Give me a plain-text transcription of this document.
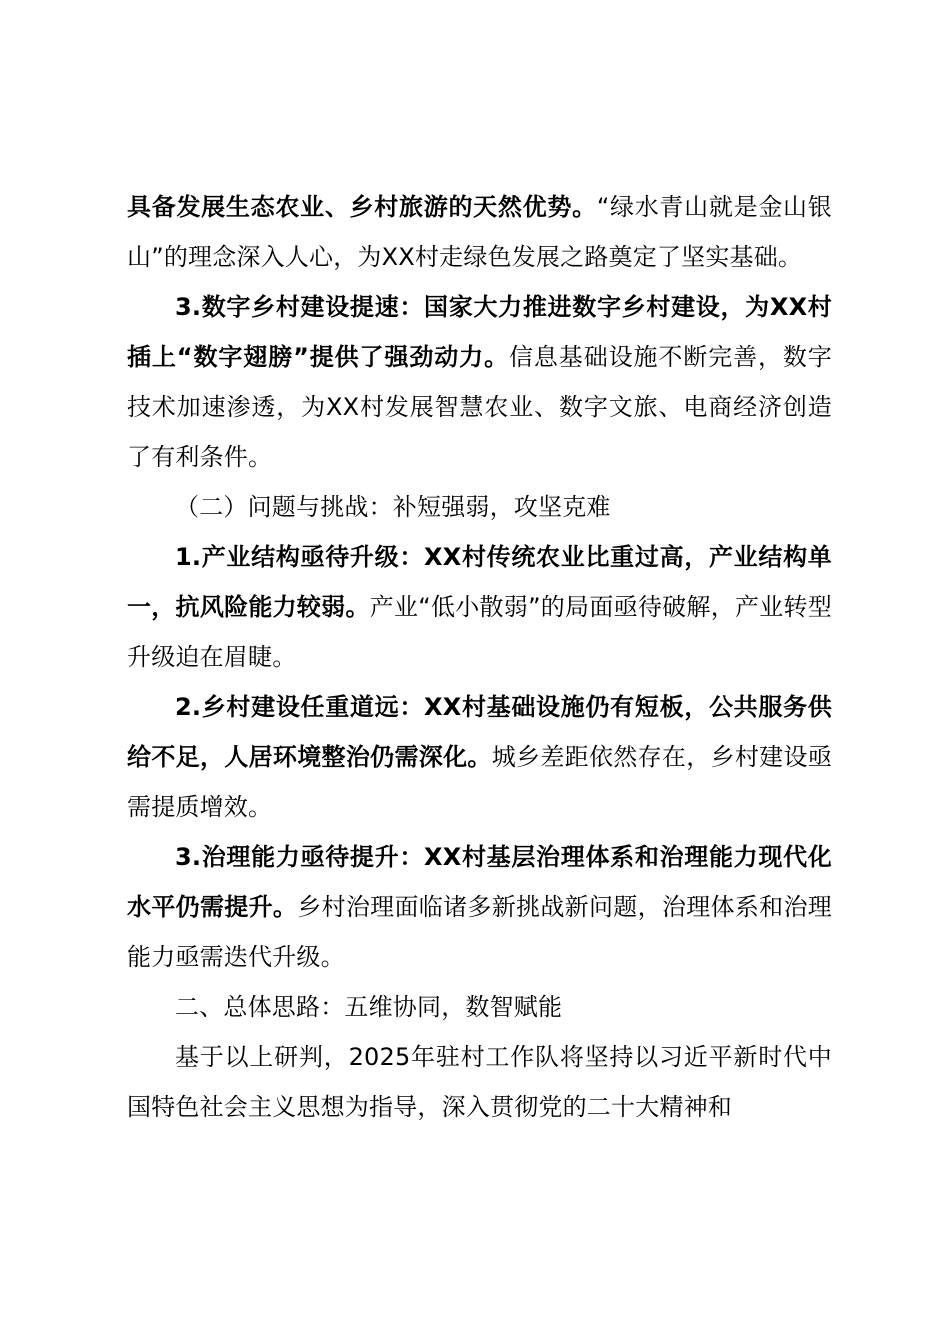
具备发展生态农业、乡村旅游的天然优势。“绿水青山就是金山银山”的理念深入人心，为XX村走绿色发展之路奠定了坚实基础。

3.数字乡村建设提速：国家大力推进数字乡村建设，为XX村插上“数字翅膀”提供了强劲动力。信息基础设施不断完善，数字技术加速渗透，为XX村发展智慧农业、数字文旅、电商经济创造了有利条件。

（二）问题与挑战：补短强弱，攻坚克难

1.产业结构亟待升级：XX村传统农业比重过高，产业结构单一，抗风险能力较弱。产业“低小散弱”的局面亟待破解，产业转型升级迫在眉睫。

2.乡村建设任重道远：XX村基础设施仍有短板，公共服务供给不足，人居环境整治仍需深化。城乡差距依然存在，乡村建设亟需提质增效。

3.治理能力亟待提升：XX村基层治理体系和治理能力现代化水平仍需提升。乡村治理面临诸多新挑战新问题，治理体系和治理能力亟需迭代升级。

二、总体思路：五维协同，数智赋能

基于以上研判，2025年驻村工作队将坚持以习近平新时代中国特色社会主义思想为指导，深入贯彻党的二十大精神和
